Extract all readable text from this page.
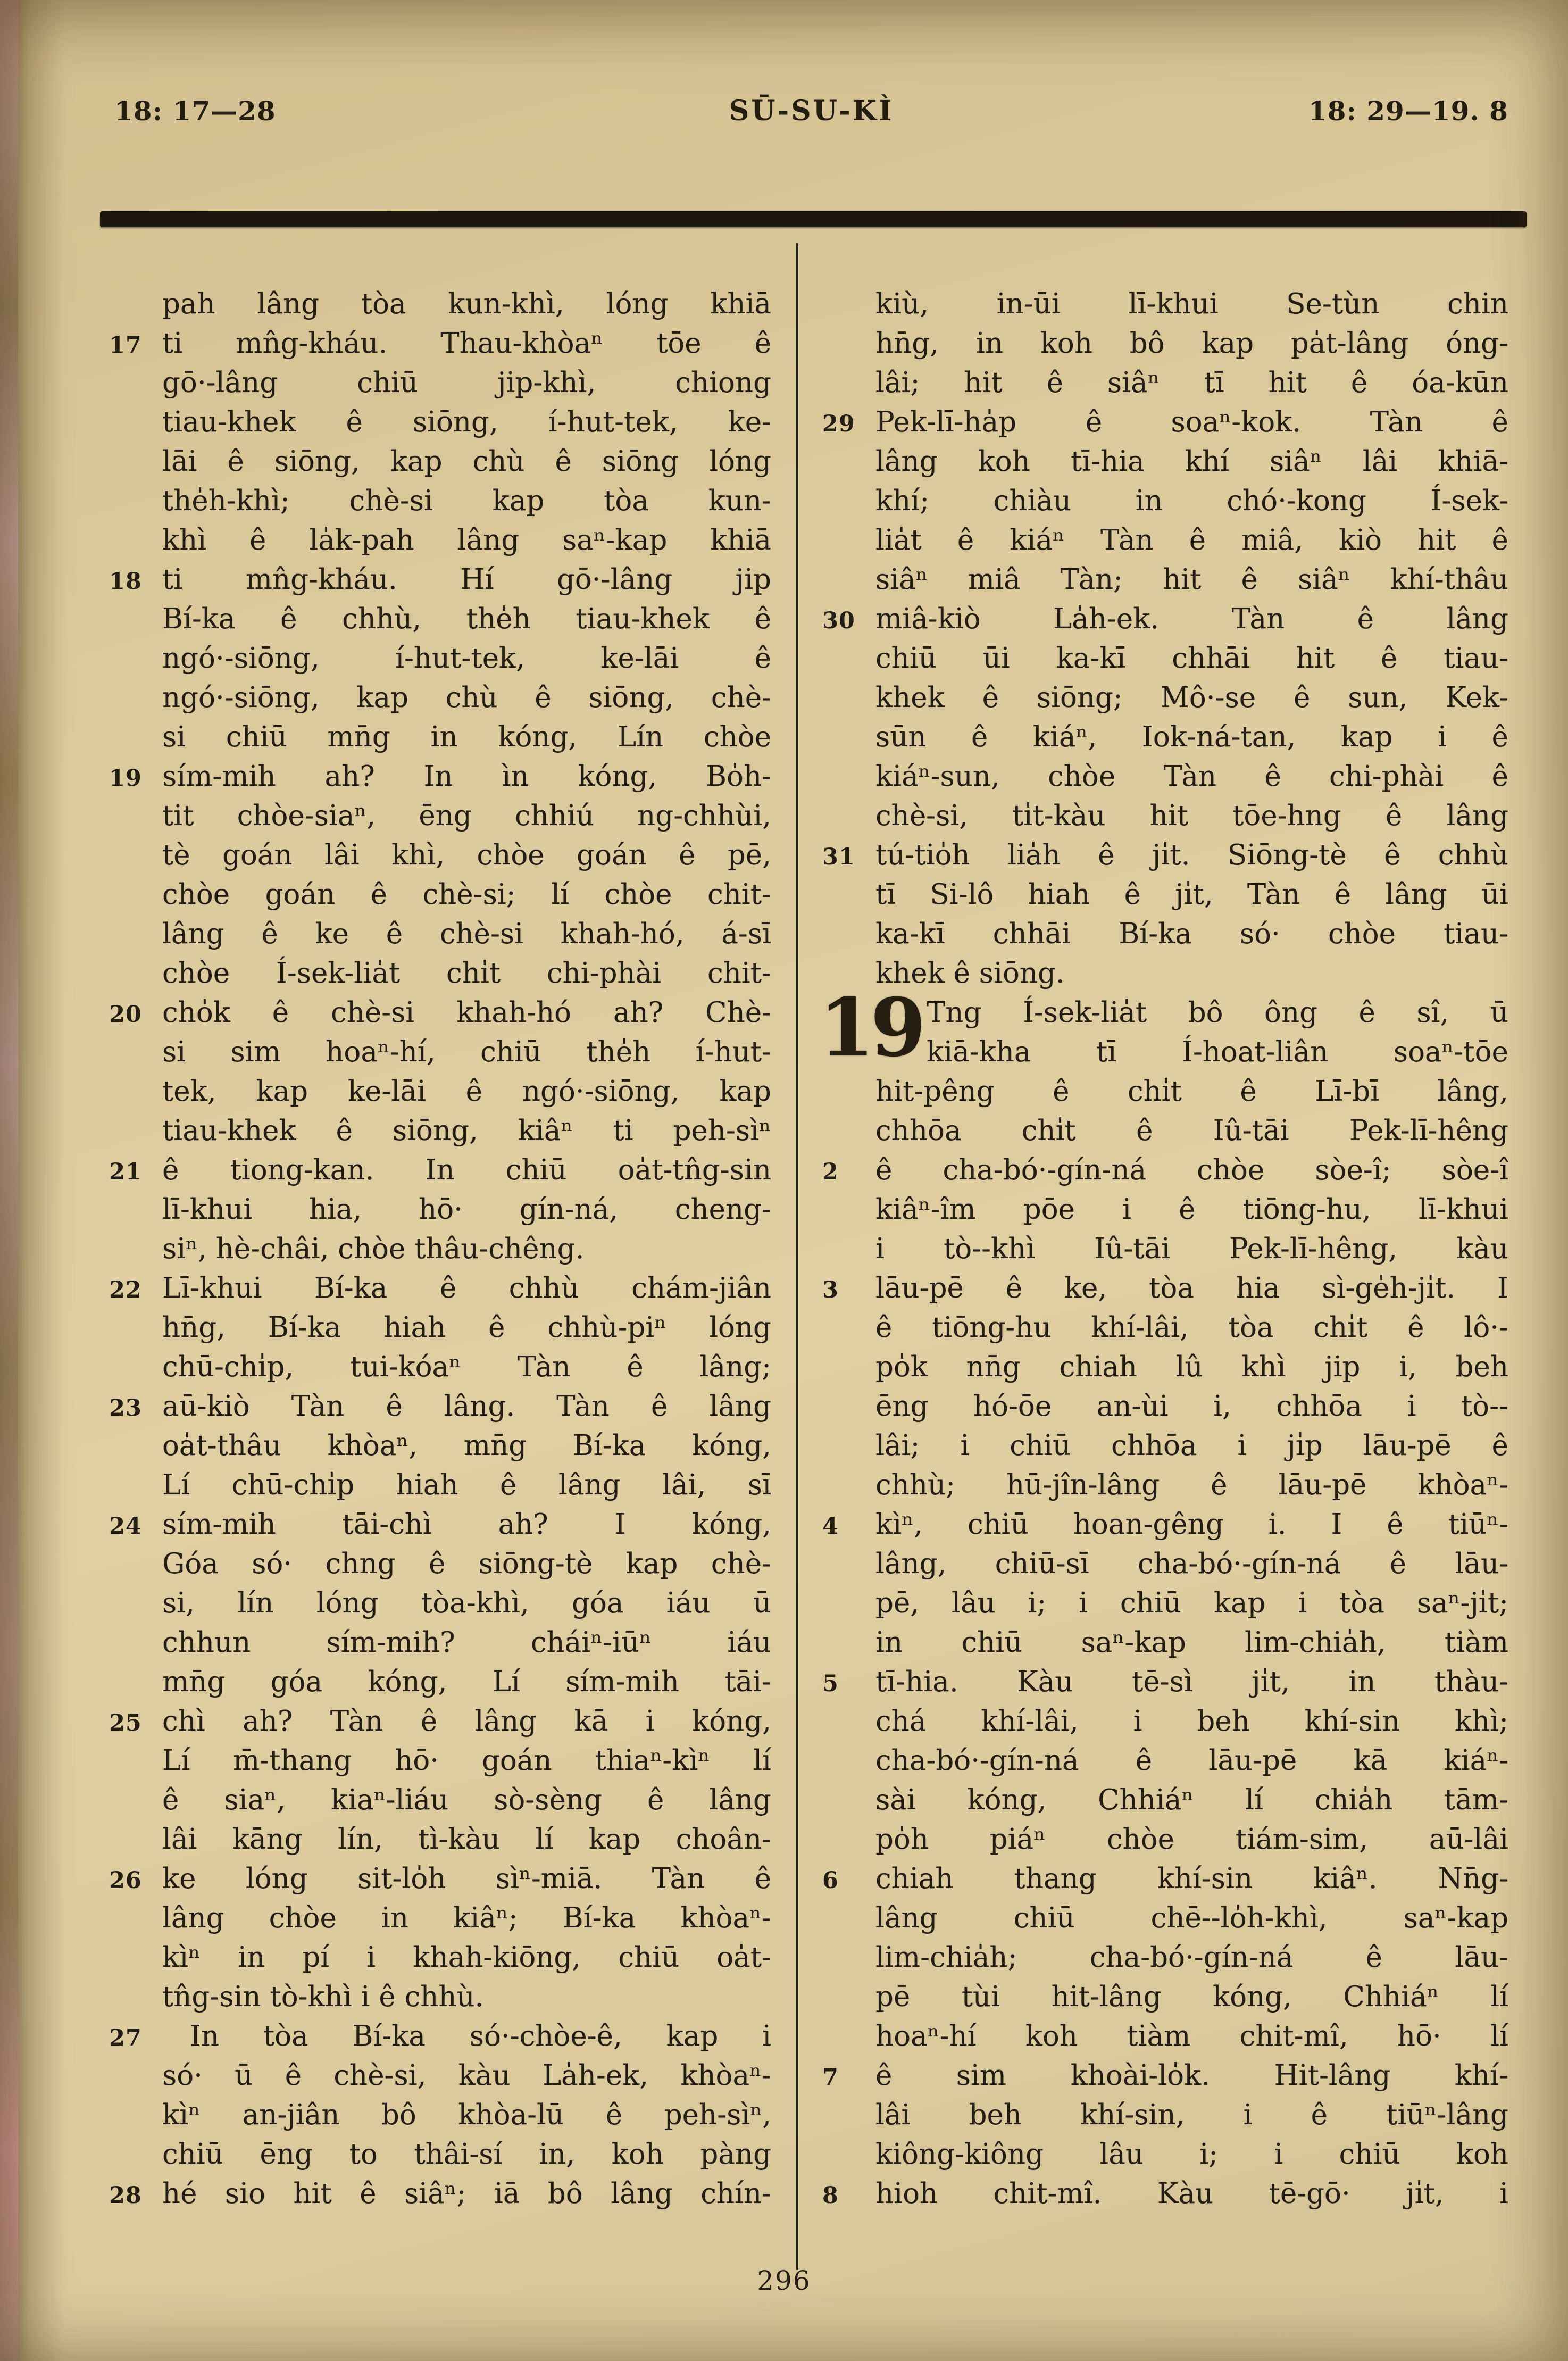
18: 17—28	SŪ-SU-KÌ	18: 29—19. 8
pah lâng tòa kun-khì, lóng khiā
17 ti mn̂g-kháu. Thau-khòaⁿ tōe ê
gō·-lâng chiū jip-khì, chiong
tiau-khek ê siōng, í-hut-tek, ke-
lāi ê siōng, kap chù ê siōng lóng
the̍h-khì; chè-si kap tòa kun-
khì ê la̍k-pah lâng saⁿ-kap khiā
18 ti mn̂g-kháu. Hí gō·-lâng jip
Bí-ka ê chhù, the̍h tiau-khek ê
ngó·-siōng, í-hut-tek, ke-lāi ê
ngó·-siōng, kap chù ê siōng, chè-
si chiū mn̄g in kóng, Lín chòe
19 sím-mih ah? In ìn kóng, Bo̍h-
tit chòe-siaⁿ, ēng chhiú ng-chhùi,
tè goán lâi khì, chòe goán ê pē,
chòe goán ê chè-si; lí chòe chit-
lâng ê ke ê chè-si khah-hó, á-sī
chòe Í-sek-lia̍t chi̍t chi-phài chit-
20 cho̍k ê chè-si khah-hó ah? Chè-
si sim hoaⁿ-hí, chiū the̍h í-hut-
tek, kap ke-lāi ê ngó·-siōng, kap
tiau-khek ê siōng, kiâⁿ ti peh-sìⁿ
21 ê tiong-kan. In chiū oa̍t-tn̂g-sin
lī-khui hia, hō· gín-ná, cheng-
siⁿ, hè-châi, chòe thâu-chêng.
22 Lī-khui Bí-ka ê chhù chám-jiân
hn̄g, Bí-ka hiah ê chhù-piⁿ lóng
chū-chi̍p, tui-kóaⁿ Tàn ê lâng;
23 aū-kiò Tàn ê lâng. Tàn ê lâng
oa̍t-thâu khòaⁿ, mn̄g Bí-ka kóng,
Lí chū-chi̍p hiah ê lâng lâi, sī
24 sím-mih tāi-chì ah? I kóng,
Góa só· chng ê siōng-tè kap chè-
si, lín lóng tòa-khì, góa iáu ū
chhun sím-mih? cháiⁿ-iūⁿ iáu
mn̄g góa kóng, Lí sím-mih tāi-
25 chì ah? Tàn ê lâng kā i kóng,
Lí m̄-thang hō· goán thiaⁿ-kìⁿ lí
ê siaⁿ, kiaⁿ-liáu sò-sèng ê lâng
lâi kāng lín, tì-kàu lí kap choân-
26 ke lóng sit-lo̍h sìⁿ-miā. Tàn ê
lâng chòe in kiâⁿ; Bí-ka khòaⁿ-
kìⁿ in pí i khah-kiōng, chiū oa̍t-
tn̂g-sin tò-khì i ê chhù.
27	In tòa Bí-ka só·-chòe-ê, kap i
só· ū ê chè-si, kàu La̍h-ek, khòaⁿ-
kìⁿ an-jiân bô khòa-lū ê peh-sìⁿ,
chiū ēng to thâi-sí in, koh pàng
28 hé sio hit ê siâⁿ; iā bô lâng chín-
kiù, in-ūi lī-khui Se-tùn chin
hn̄g, in koh bô kap pa̍t-lâng óng-
lâi; hit ê siâⁿ tī hit ê óa-kūn
29 Pek-lī-ha̍p ê soaⁿ-kok. Tàn ê
lâng koh tī-hia khí siâⁿ lâi khiā-
khí; chiàu in chó·-kong Í-sek-
lia̍t ê kiáⁿ Tàn ê miâ, kiò hit ê
siâⁿ miâ Tàn; hit ê siâⁿ khí-thâu
30 miâ-kiò La̍h-ek. Tàn ê lâng
chiū ūi ka-kī chhāi hit ê tiau-
khek ê siōng; Mô·-se ê sun, Kek-
sūn ê kiáⁿ, Iok-ná-tan, kap i ê
kiáⁿ-sun, chòe Tàn ê chi-phài ê
chè-si, ti̍t-kàu hit tōe-hng ê lâng
31 tú-tio̍h lia̍h ê ji̍t. Siōng-tè ê chhù
tī Si-lô hiah ê ji̍t, Tàn ê lâng ūi
ka-kī chhāi Bí-ka só· chòe tiau-
khek ê siōng.
19 Tng Í-sek-lia̍t bô ông ê sî, ū
kiā-kha tī Í-hoat-liân soaⁿ-tōe
hit-pêng ê chi̍t ê Lī-bī lâng,
chhōa chi̍t ê Iû-tāi Pek-lī-hêng
2	ê cha-bó·-gín-ná chòe sòe-î; sòe-î
kiâⁿ-îm pōe i ê tiōng-hu, lī-khui
i tò--khì Iû-tāi Pek-lī-hêng, kàu
3	lāu-pē ê ke, tòa hia sì-ge̍h-ji̍t. I
ê tiōng-hu khí-lâi, tòa chi̍t ê lô·-
po̍k nn̄g chiah lû khì jip i, beh
ēng hó-ōe an-ùi i, chhōa i tò--
lâi; i chiū chhōa i ji̍p lāu-pē ê
chhù; hū-jîn-lâng ê lāu-pē khòaⁿ-
4	kìⁿ, chiū hoan-gêng i. I ê tiūⁿ-
lâng, chiū-sī cha-bó·-gín-ná ê lāu-
pē, lâu i; i chiū kap i tòa saⁿ-ji̍t;
in chiū saⁿ-kap lim-chia̍h, tiàm
5	tī-hia. Kàu tē-sì ji̍t, in thàu-
chá khí-lâi, i beh khí-sin khì;
cha-bó·-gín-ná ê lāu-pē kā kiáⁿ-
sài kóng, Chhiáⁿ lí chia̍h tām-
po̍h piáⁿ chòe tiám-sim, aū-lâi
6	chiah thang khí-sin kiâⁿ. Nn̄g-
lâng chiū chē--lo̍h-khì, saⁿ-kap
lim-chia̍h; cha-bó·-gín-ná ê lāu-
pē tùi hit-lâng kóng, Chhiáⁿ lí
hoaⁿ-hí koh tiàm chit-mî, hō· lí
7	ê sim khoài-lo̍k. Hit-lâng khí-
lâi beh khí-sin, i ê tiūⁿ-lâng
kiông-kiông lâu i; i chiū koh
8	hioh chit-mî. Kàu tē-gō· ji̍t, i
296
